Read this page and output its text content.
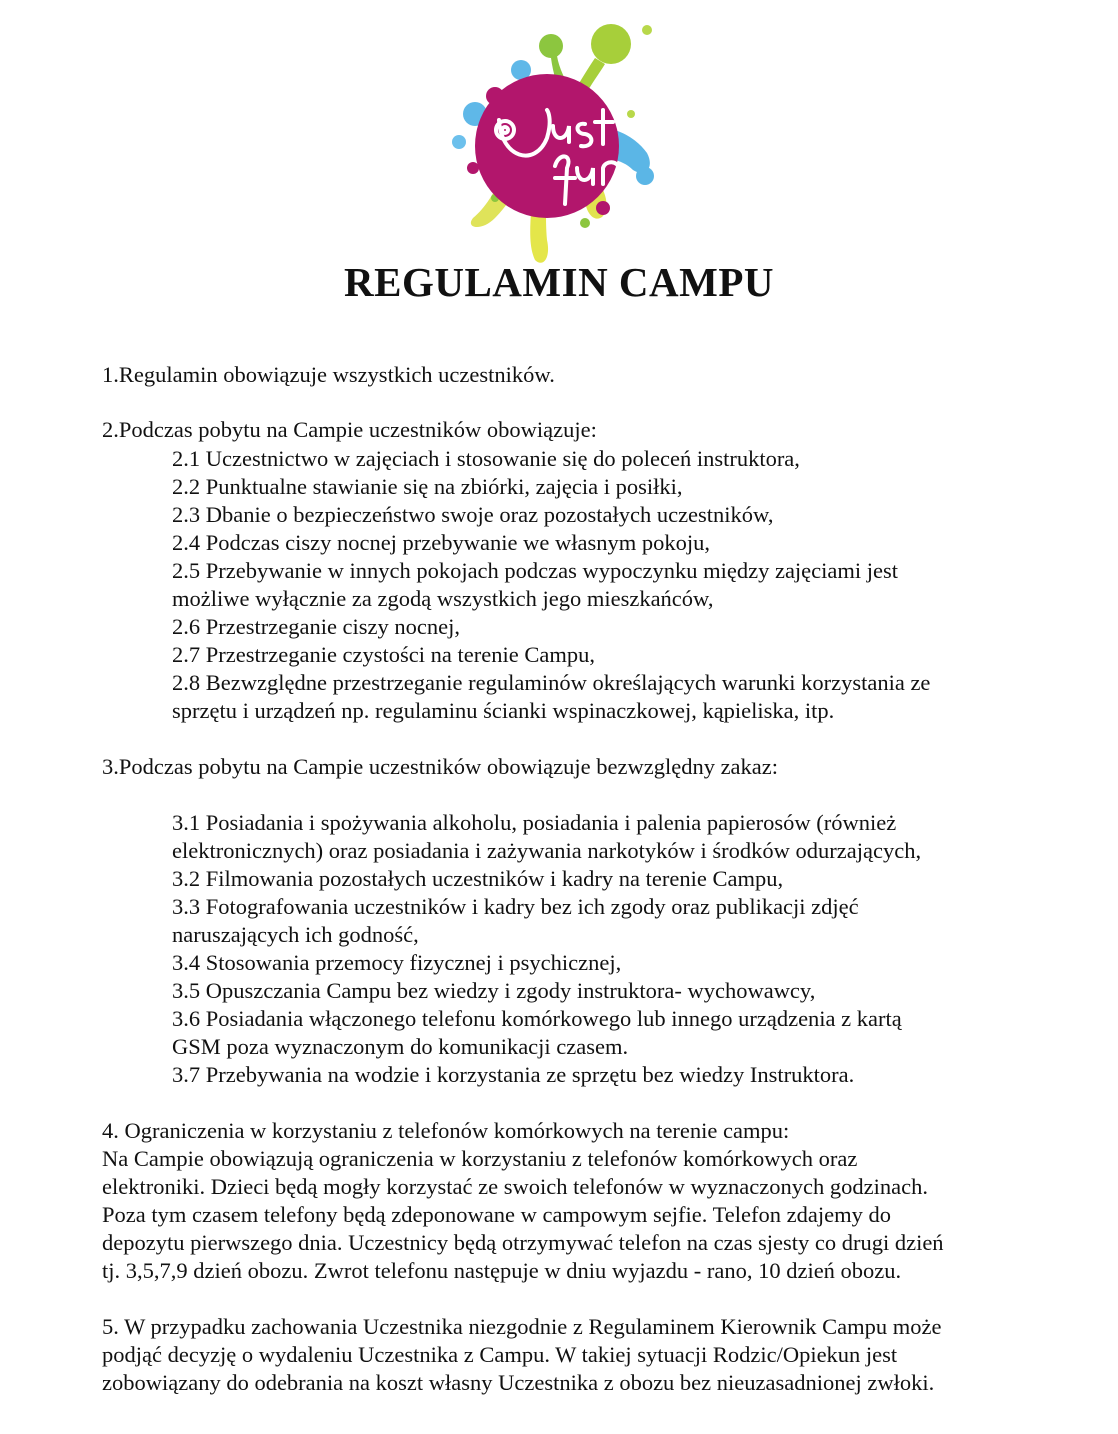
REGULAMIN CAMPU

1.Regulamin obowiązuje wszystkich uczestników.

2.Podczas pobytu na Campie uczestników obowiązuje:

2.1 Uczestnictwo w zajęciach i stosowanie się do poleceń instruktora,

2.2 Punktualne stawianie się na zbiórki, zajęcia i posiłki,

2.3 Dbanie o bezpieczeństwo swoje oraz pozostałych uczestników,

2.4 Podczas ciszy nocnej przebywanie we własnym pokoju,

2.5 Przebywanie w innych pokojach podczas wypoczynku między zajęciami jest

możliwe wyłącznie za zgodą wszystkich jego mieszkańców,

2.6 Przestrzeganie ciszy nocnej,

2.7 Przestrzeganie czystości na terenie Campu,

2.8 Bezwzględne przestrzeganie regulaminów określających warunki korzystania ze

sprzętu i urządzeń np. regulaminu ścianki wspinaczkowej, kąpieliska, itp.

3.Podczas pobytu na Campie uczestników obowiązuje bezwzględny zakaz:

3.1 Posiadania i spożywania alkoholu, posiadania i palenia papierosów (również

elektronicznych) oraz posiadania i zażywania narkotyków i środków odurzających,

3.2 Filmowania pozostałych uczestników i kadry na terenie Campu,

3.3 Fotografowania uczestników i kadry bez ich zgody oraz publikacji zdjęć

naruszających ich godność,

3.4 Stosowania przemocy fizycznej i psychicznej,

3.5 Opuszczania Campu bez wiedzy i zgody instruktora- wychowawcy,

3.6 Posiadania włączonego telefonu komórkowego lub innego urządzenia z kartą

GSM poza wyznaczonym do komunikacji czasem.

3.7 Przebywania na wodzie i korzystania ze sprzętu bez wiedzy Instruktora.

4. Ograniczenia w korzystaniu z telefonów komórkowych na terenie campu:

Na Campie obowiązują ograniczenia w korzystaniu z telefonów komórkowych oraz

elektroniki. Dzieci będą mogły korzystać ze swoich telefonów w wyznaczonych godzinach.

Poza tym czasem telefony będą zdeponowane w campowym sejfie. Telefon zdajemy do

depozytu pierwszego dnia. Uczestnicy będą otrzymywać telefon na czas sjesty co drugi dzień

tj. 3,5,7,9 dzień obozu. Zwrot telefonu następuje w dniu wyjazdu - rano, 10 dzień obozu.

5. W przypadku zachowania Uczestnika niezgodnie z Regulaminem Kierownik Campu może

podjąć decyzję o wydaleniu Uczestnika z Campu. W takiej sytuacji Rodzic/Opiekun jest

zobowiązany do odebrania na koszt własny Uczestnika z obozu bez nieuzasadnionej zwłoki.
